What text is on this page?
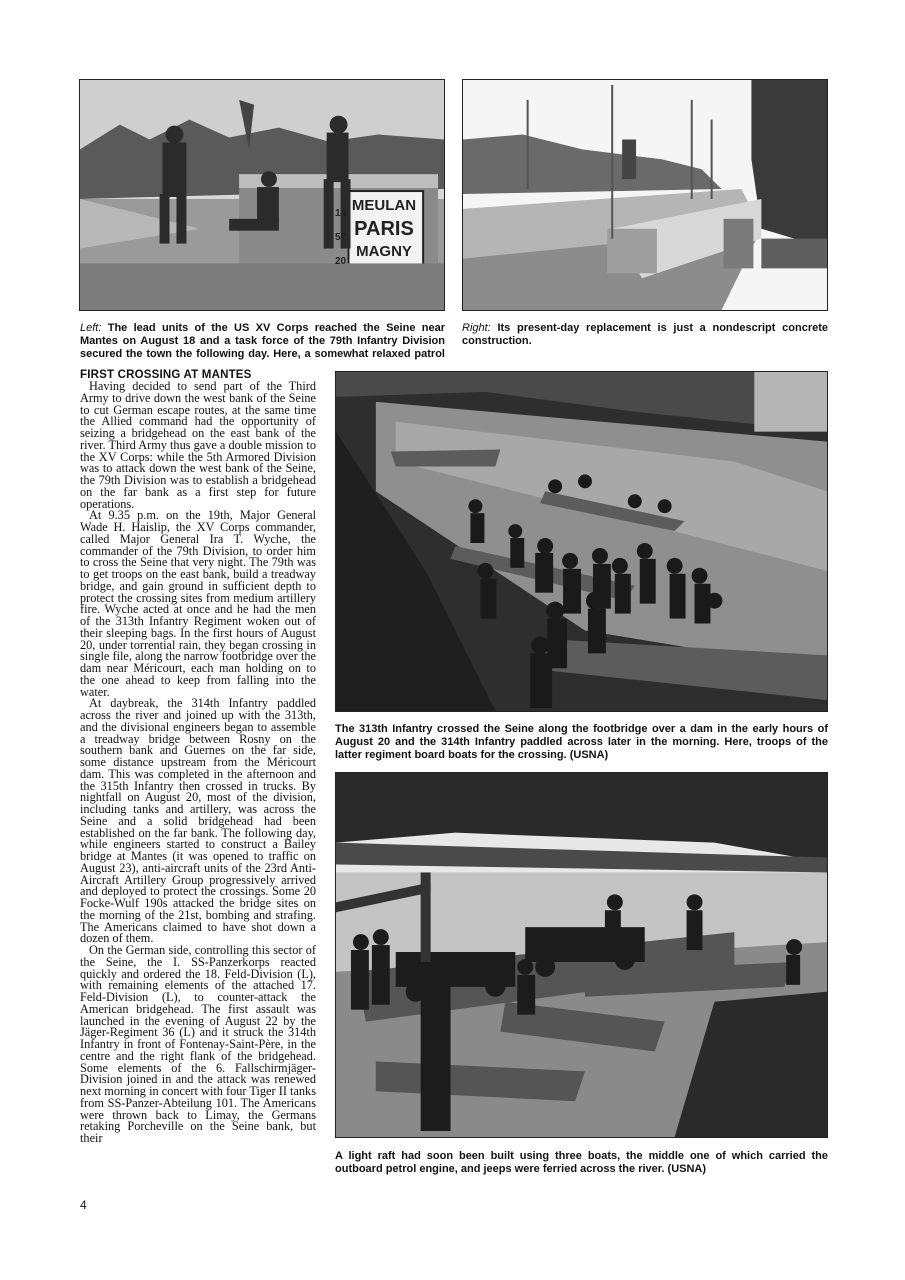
MEULAN
PARIS
MAGNY
14
57
20
Left: The lead units of the US XV Corps reached the Seine near Mantes on August 18 and a task force of the 79th Infantry Division secured the town the following day. Here, a somewhat relaxed patrol
Right: Its present-day replacement is just a nondescript concrete construction.
FIRST CROSSING AT MANTES

Having decided to send part of the Third Army to drive down the west bank of the Seine to cut German escape routes, at the same time the Allied command had the opportunity of seizing a bridgehead on the east bank of the river. Third Army thus gave a double mission to the XV Corps: while the 5th Armored Division was to attack down the west bank of the Seine, the 79th Division was to establish a bridgehead on the far bank as a first step for future operations.

At 9.35 p.m. on the 19th, Major General Wade H. Haislip, the XV Corps commander, called Major General Ira T. Wyche, the commander of the 79th Division, to order him to cross the Seine that very night. The 79th was to get troops on the east bank, build a treadway bridge, and gain ground in sufficient depth to protect the crossing sites from medium artillery fire. Wyche acted at once and he had the men of the 313th Infantry Regiment woken out of their sleeping bags. In the first hours of August 20, under torrential rain, they began crossing in single file, along the narrow footbridge over the dam near Méricourt, each man holding on to the one ahead to keep from falling into the water.

At daybreak, the 314th Infantry paddled across the river and joined up with the 313th, and the divisional engineers began to assemble a treadway bridge between Rosny on the southern bank and Guernes on the far side, some distance upstream from the Méricourt dam. This was completed in the afternoon and the 315th Infantry then crossed in trucks. By nightfall on August 20, most of the division, including tanks and artillery, was across the Seine and a solid bridgehead had been established on the far bank. The following day, while engineers started to construct a Bailey bridge at Mantes (it was opened to traffic on August 23), anti-aircraft units of the 23rd Anti-Aircraft Artillery Group progressively arrived and deployed to protect the crossings. Some 20 Focke-Wulf 190s attacked the bridge sites on the morning of the 21st, bombing and strafing. The Americans claimed to have shot down a dozen of them.

On the German side, controlling this sector of the Seine, the I. SS-Panzerkorps reacted quickly and ordered the 18. Feld-Division (L), with remaining elements of the attached 17. Feld-Division (L), to counter-attack the American bridgehead. The first assault was launched in the evening of August 22 by the Jäger-Regiment 36 (L) and it struck the 314th Infantry in front of Fontenay-Saint-Père, in the centre and the right flank of the bridgehead. Some elements of the 6. Fallschirmjäger-Division joined in and the attack was renewed next morning in concert with four Tiger II tanks from SS-Panzer-Abteilung 101. The Americans were thrown back to Limay, the Germans retaking Porcheville on the Seine bank, but their

The 313th Infantry crossed the Seine along the footbridge over a dam in the early hours of August 20 and the 314th Infantry paddled across later in the morning. Here, troops of the latter regiment board boats for the crossing. (USNA)
A light raft had soon been built using three boats, the middle one of which carried the outboard petrol engine, and jeeps were ferried across the river. (USNA)
4
